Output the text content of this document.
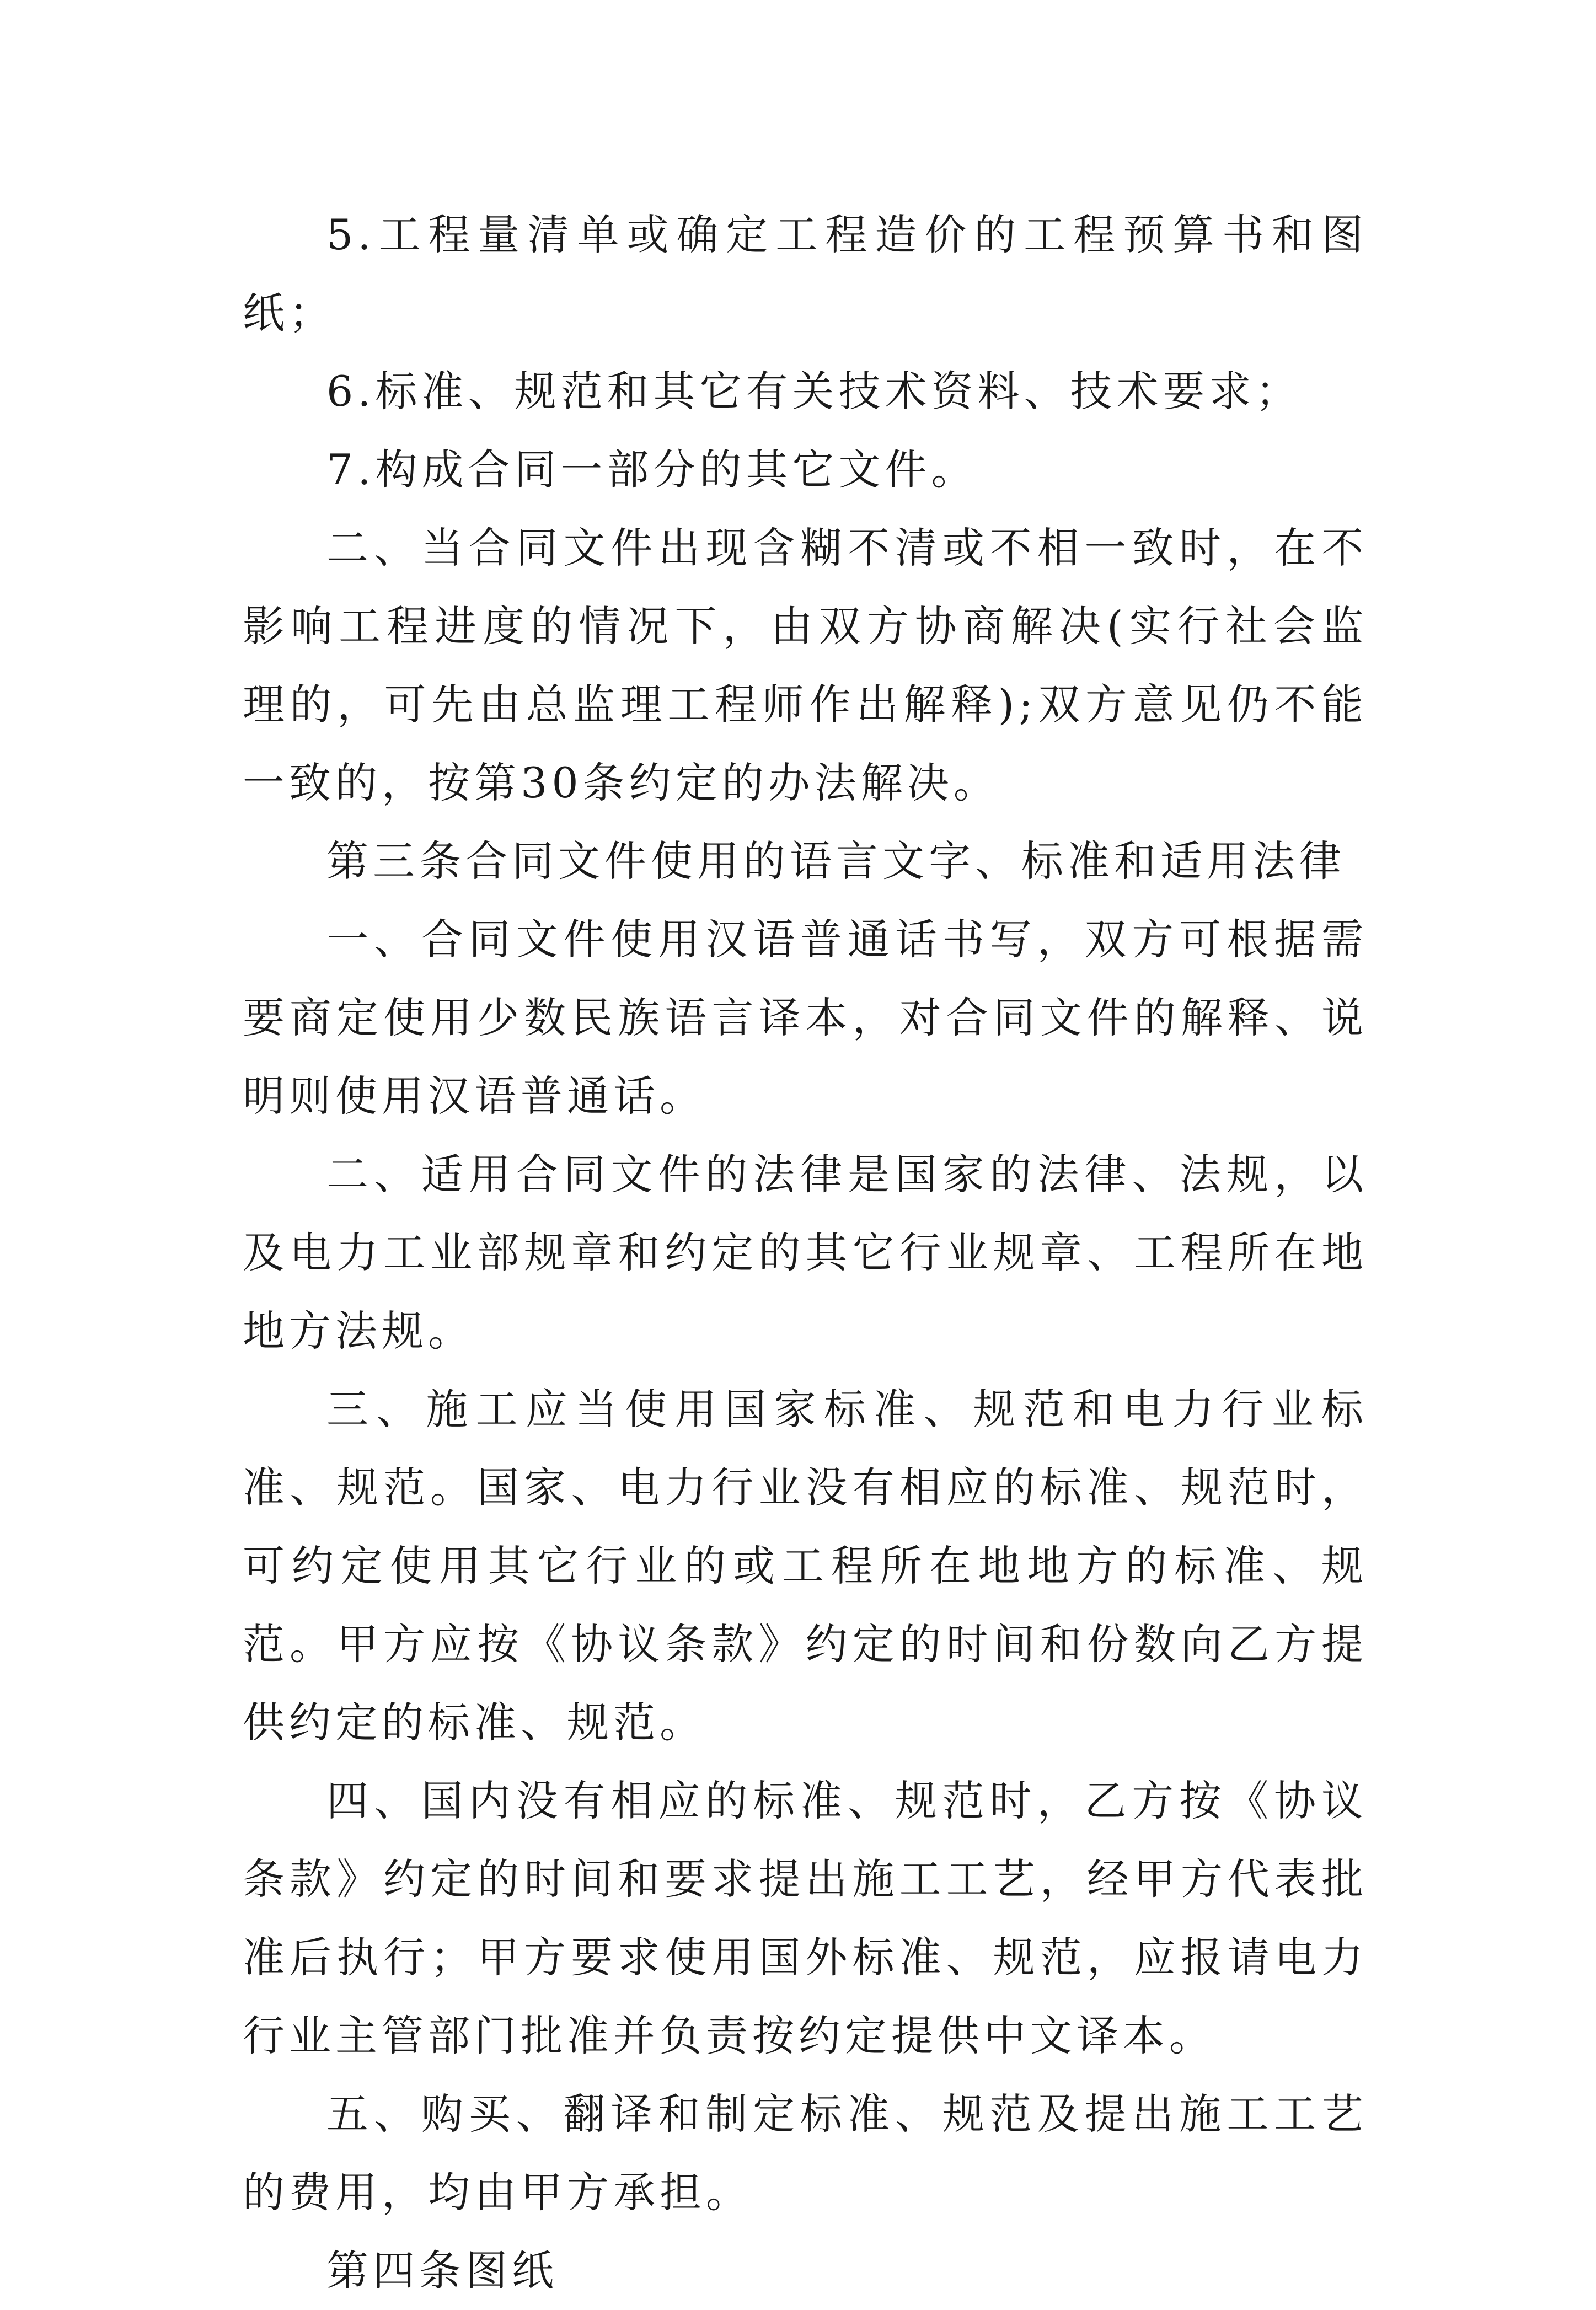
5.工程量清单或确定工程造价的工程预算书和图纸；

6.标准、规范和其它有关技术资料、技术要求；

7.构成合同一部分的其它文件。

二、当合同文件出现含糊不清或不相一致时，在不影响工程进度的情况下，由双方协商解决(实行社会监理的，可先由总监理工程师作出解释);双方意见仍不能一致的，按第30条约定的办法解决。

第三条合同文件使用的语言文字、标准和适用法律

一、合同文件使用汉语普通话书写，双方可根据需要商定使用少数民族语言译本，对合同文件的解释、说明则使用汉语普通话。

二、适用合同文件的法律是国家的法律、法规，以及电力工业部规章和约定的其它行业规章、工程所在地地方法规。

三、施工应当使用国家标准、规范和电力行业标准、规范。国家、电力行业没有相应的标准、规范时，可约定使用其它行业的或工程所在地地方的标准、规范。甲方应按《协议条款》约定的时间和份数向乙方提供约定的标准、规范。

四、国内没有相应的标准、规范时，乙方按《协议条款》约定的时间和要求提出施工工艺，经甲方代表批准后执行；甲方要求使用国外标准、规范，应报请电力行业主管部门批准并负责按约定提供中文译本。

五、购买、翻译和制定标准、规范及提出施工工艺的费用，均由甲方承担。

第四条图纸
